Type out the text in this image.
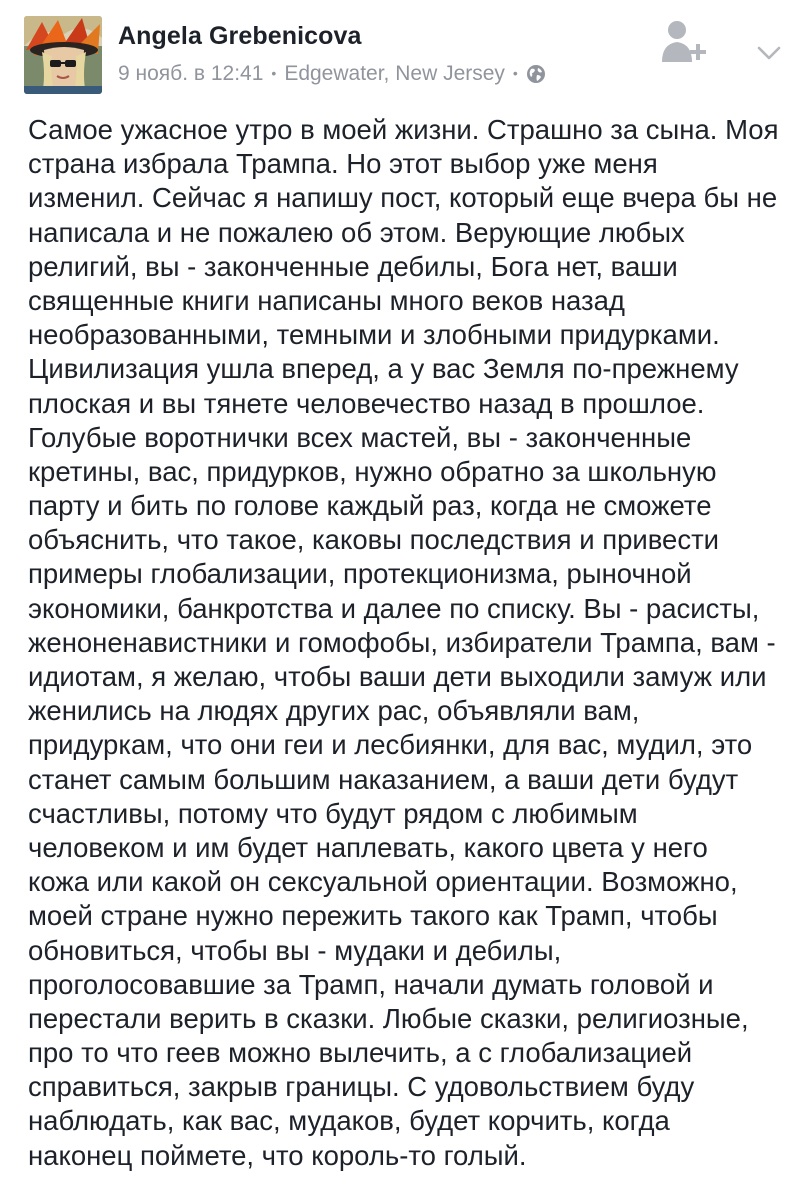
Angela Grebenicova
9 нояб. в 12:41 • Edgewater, New Jersey •
Самое ужасное утро в моей жизни. Страшно за сына. Моя
страна избрала Трампа. Но этот выбор уже меня
изменил. Сейчас я напишу пост, который еще вчера бы не
написала и не пожалею об этом. Верующие любых
религий, вы - законченные дебилы, Бога нет, ваши
священные книги написаны много веков назад
необразованными, темными и злобными придурками.
Цивилизация ушла вперед, а у вас Земля по-прежнему
плоская и вы тянете человечество назад в прошлое.
Голубые воротнички всех мастей, вы - законченные
кретины, вас, придурков, нужно обратно за школьную
парту и бить по голове каждый раз, когда не сможете
объяснить, что такое, каковы последствия и привести
примеры глобализации, протекционизма, рыночной
экономики, банкротства и далее по списку. Вы - расисты,
женоненавистники и гомофобы, избиратели Трампа, вам -
идиотам, я желаю, чтобы ваши дети выходили замуж или
женились на людях других рас, объявляли вам,
придуркам, что они геи и лесбиянки, для вас, мудил, это
станет самым большим наказанием, а ваши дети будут
счастливы, потому что будут рядом с любимым
человеком и им будет наплевать, какого цвета у него
кожа или какой он сексуальной ориентации. Возможно,
моей стране нужно пережить такого как Трамп, чтобы
обновиться, чтобы вы - мудаки и дебилы,
проголосовавшие за Трамп, начали думать головой и
перестали верить в сказки. Любые сказки, религиозные,
про то что геев можно вылечить, а с глобализацией
справиться, закрыв границы. С удовольствием буду
наблюдать, как вас, мудаков, будет корчить, когда
наконец поймете, что король-то голый.
